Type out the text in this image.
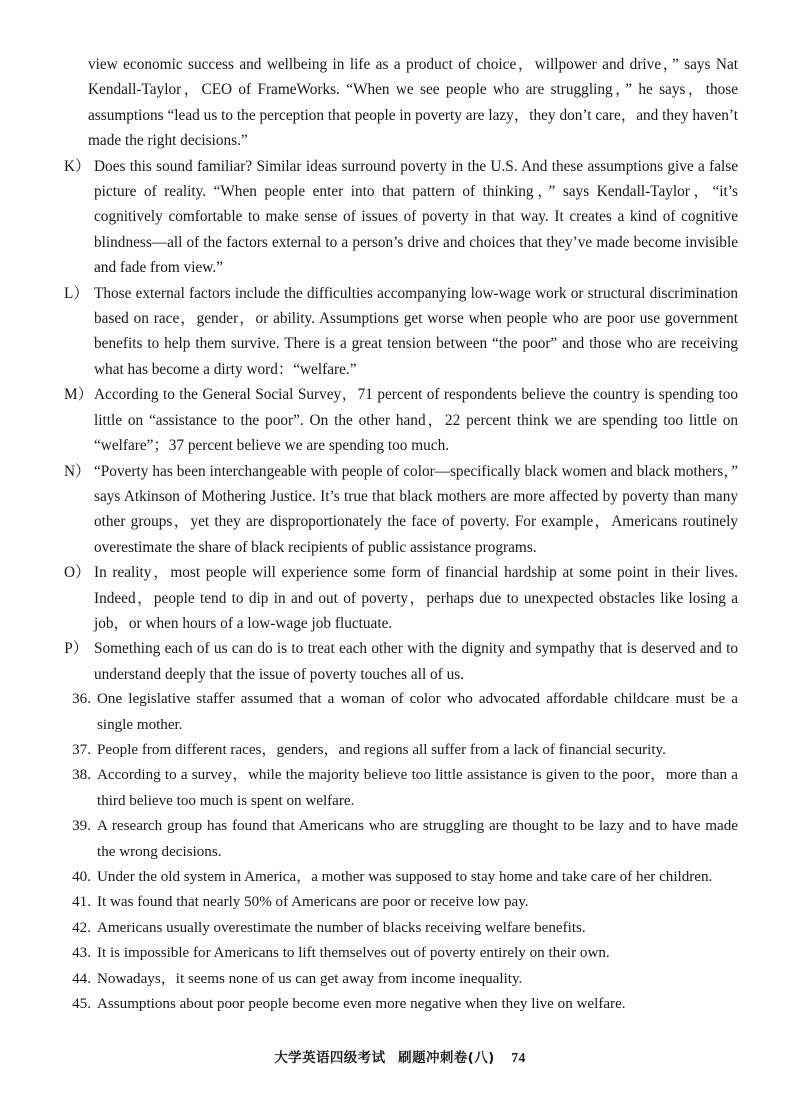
view economic success and wellbeing in life as a product of choice，willpower and drive，” says Nat Kendall-Taylor，CEO of FrameWorks. “When we see people who are struggling，” he says，those assumptions “lead us to the perception that people in poverty are lazy，they don’t care，and they haven’t made the right decisions.”
K） Does this sound familiar? Similar ideas surround poverty in the U.S. And these assumptions give a false picture of reality. “When people enter into that pattern of thinking，” says Kendall-Taylor，“it’s cognitively comfortable to make sense of issues of poverty in that way. It creates a kind of cognitive blindness—all of the factors external to a person’s drive and choices that they’ve made become invisible and fade from view.”
L） Those external factors include the difficulties accompanying low-wage work or structural discrimination based on race，gender，or ability. Assumptions get worse when people who are poor use government benefits to help them survive. There is a great tension between “the poor” and those who are receiving what has become a dirty word：“welfare.”
M） According to the General Social Survey，71 percent of respondents believe the country is spending too little on “assistance to the poor”. On the other hand，22 percent think we are spending too little on “welfare”；37 percent believe we are spending too much.
N） “Poverty has been interchangeable with people of color—specifically black women and black mothers，” says Atkinson of Mothering Justice. It’s true that black mothers are more affected by poverty than many other groups，yet they are disproportionately the face of poverty. For example，Americans routinely overestimate the share of black recipients of public assistance programs.
O） In reality，most people will experience some form of financial hardship at some point in their lives. Indeed，people tend to dip in and out of poverty，perhaps due to unexpected obstacles like losing a job，or when hours of a low-wage job fluctuate.
P） Something each of us can do is to treat each other with the dignity and sympathy that is deserved and to understand deeply that the issue of poverty touches all of us.
36. One legislative staffer assumed that a woman of color who advocated affordable childcare must be a single mother.
37. People from different races，genders，and regions all suffer from a lack of financial security.
38. According to a survey，while the majority believe too little assistance is given to the poor，more than a third believe too much is spent on welfare.
39. A research group has found that Americans who are struggling are thought to be lazy and to have made the wrong decisions.
40. Under the old system in America，a mother was supposed to stay home and take care of her children.
41. It was found that nearly 50% of Americans are poor or receive low pay.
42. Americans usually overestimate the number of blacks receiving welfare benefits.
43. It is impossible for Americans to lift themselves out of poverty entirely on their own.
44. Nowadays，it seems none of us can get away from income inequality.
45. Assumptions about poor people become even more negative when they live on welfare.
大学英语四级考试 刷题冲刺卷(八) 74
